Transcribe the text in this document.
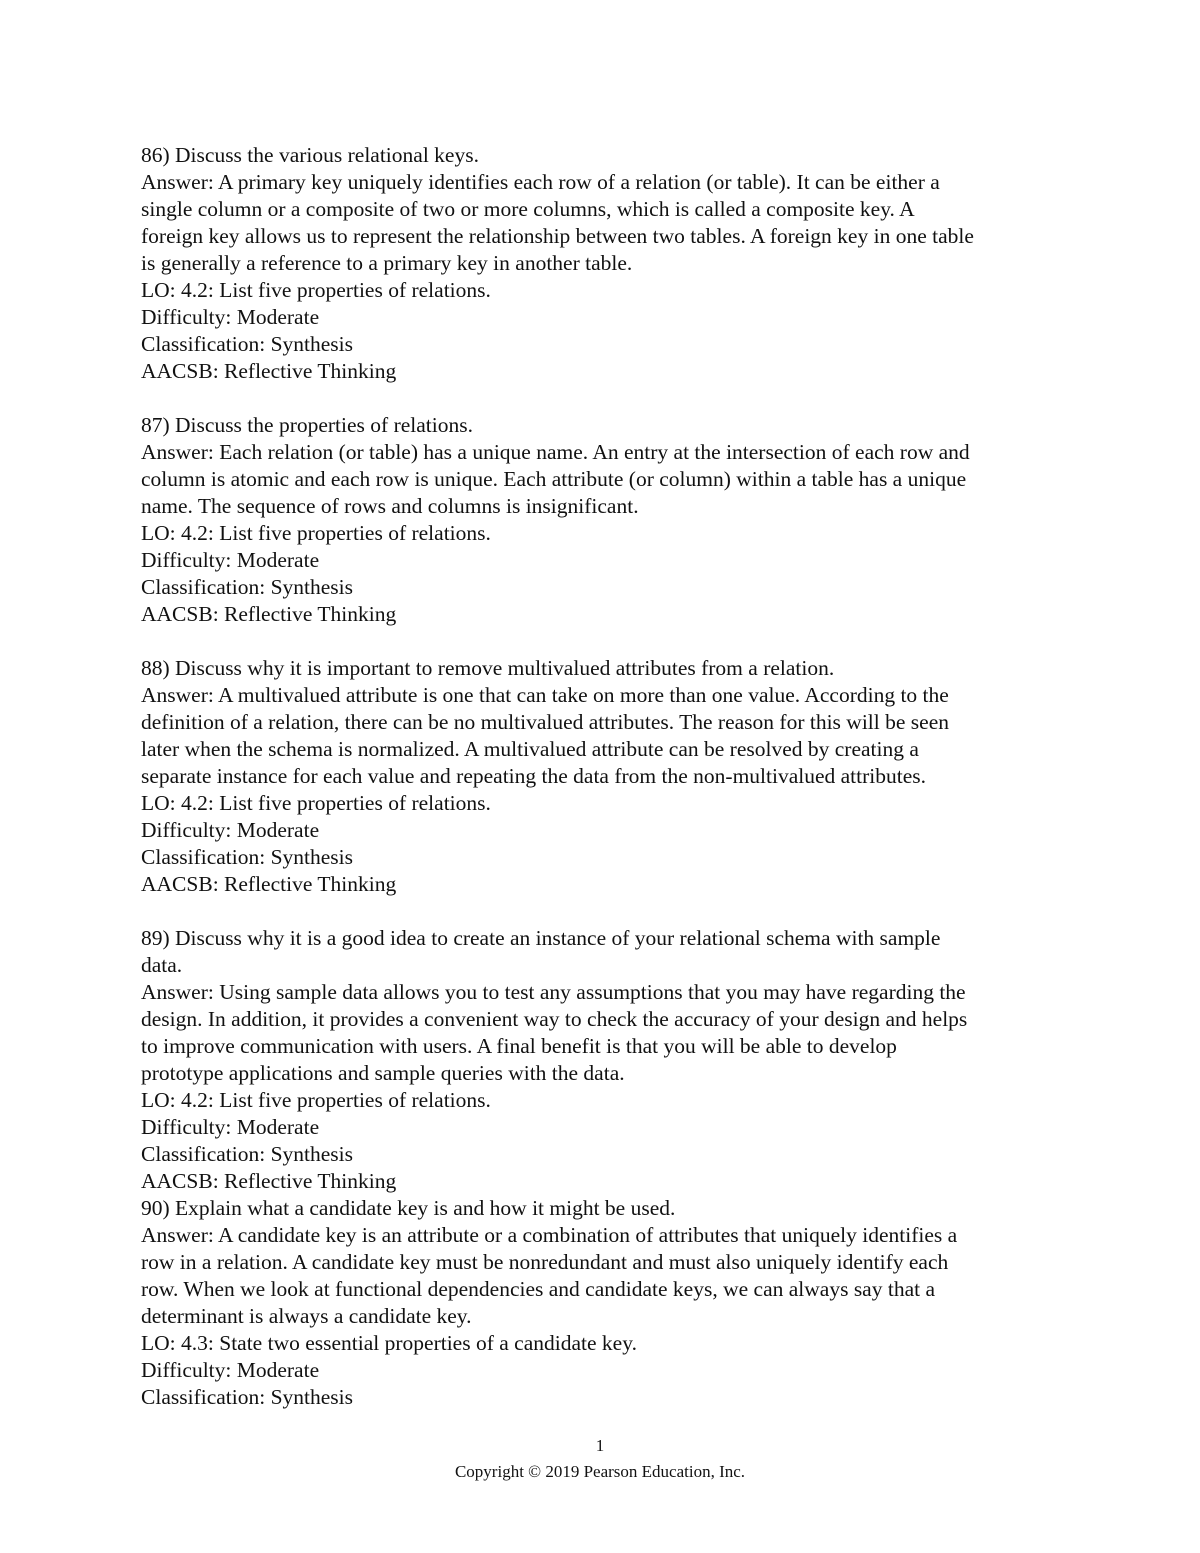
86) Discuss the various relational keys.
Answer: A primary key uniquely identifies each row of a relation (or table). It can be either a
single column or a composite of two or more columns, which is called a composite key. A
foreign key allows us to represent the relationship between two tables. A foreign key in one table
is generally a reference to a primary key in another table.
LO: 4.2: List five properties of relations.
Difficulty: Moderate
Classification: Synthesis
AACSB: Reflective Thinking
87) Discuss the properties of relations.
Answer: Each relation (or table) has a unique name. An entry at the intersection of each row and
column is atomic and each row is unique. Each attribute (or column) within a table has a unique
name. The sequence of rows and columns is insignificant.
LO: 4.2: List five properties of relations.
Difficulty: Moderate
Classification: Synthesis
AACSB: Reflective Thinking
88) Discuss why it is important to remove multivalued attributes from a relation.
Answer: A multivalued attribute is one that can take on more than one value. According to the
definition of a relation, there can be no multivalued attributes. The reason for this will be seen
later when the schema is normalized. A multivalued attribute can be resolved by creating a
separate instance for each value and repeating the data from the non-multivalued attributes.
LO: 4.2: List five properties of relations.
Difficulty: Moderate
Classification: Synthesis
AACSB: Reflective Thinking
89) Discuss why it is a good idea to create an instance of your relational schema with sample
data.
Answer: Using sample data allows you to test any assumptions that you may have regarding the
design. In addition, it provides a convenient way to check the accuracy of your design and helps
to improve communication with users. A final benefit is that you will be able to develop
prototype applications and sample queries with the data.
LO: 4.2: List five properties of relations.
Difficulty: Moderate
Classification: Synthesis
AACSB: Reflective Thinking
90) Explain what a candidate key is and how it might be used.
Answer: A candidate key is an attribute or a combination of attributes that uniquely identifies a
row in a relation. A candidate key must be nonredundant and must also uniquely identify each
row. When we look at functional dependencies and candidate keys, we can always say that a
determinant is always a candidate key.
LO: 4.3: State two essential properties of a candidate key.
Difficulty: Moderate
Classification: Synthesis
1
Copyright © 2019 Pearson Education, Inc.
